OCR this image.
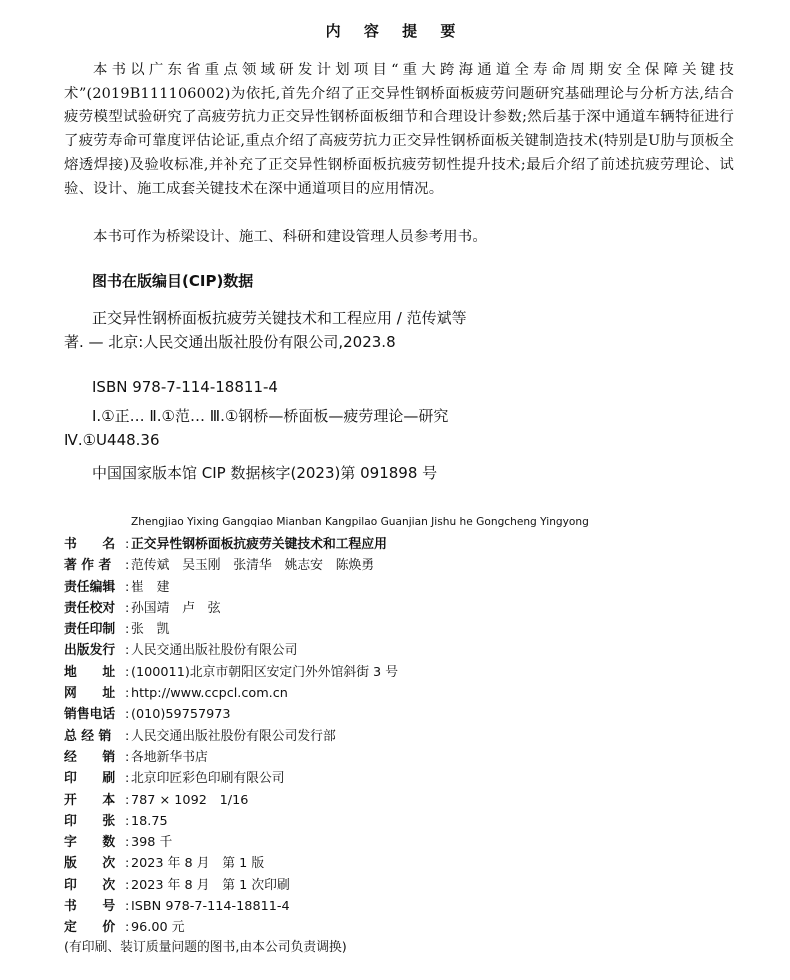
内 容 提 要
本书以广东省重点领域研发计划项目“重大跨海通道全寿命周期安全保障关键技术”(2019B111106002)为依托,首先介绍了正交异性钢桥面板疲劳问题研究基础理论与分析方法,结合疲劳模型试验研究了高疲劳抗力正交异性钢桥面板细节和合理设计参数;然后基于深中通道车辆特征进行了疲劳寿命可靠度评估论证,重点介绍了高疲劳抗力正交异性钢桥面板关键制造技术(特别是U肋与顶板全熔透焊接)及验收标准,并补充了正交异性钢桥面板抗疲劳韧性提升技术;最后介绍了前述抗疲劳理论、试验、设计、施工成套关键技术在深中通道项目的应用情况。
本书可作为桥梁设计、施工、科研和建设管理人员参考用书。
图书在版编目(CIP)数据
正交异性钢桥面板抗疲劳关键技术和工程应用 / 范传斌等著. — 北京:人民交通出版社股份有限公司,2023.8
ISBN 978-7-114-18811-4
Ⅰ.①正… Ⅱ.①范… Ⅲ.①钢桥—桥面板—疲劳理论—研究 Ⅳ.①U448.36
中国国家版本馆 CIP 数据核字(2023)第 091898 号
Zhengjiao Yixing Gangqiao Mianban Kangpilao Guanjian Jishu he Gongcheng Yingyong
书　　名 : 正交异性钢桥面板抗疲劳关键技术和工程应用
著 作 者 : 范传斌　吴玉刚　张清华　姚志安　陈焕勇
责任编辑 : 崔　建
责任校对 : 孙国靖　卢　弦
责任印制 : 张　凯
出版发行 : 人民交通出版社股份有限公司
地　　址 : (100011)北京市朝阳区安定门外外馆斜街 3 号
网　　址 : http://www.ccpcl.com.cn
销售电话 : (010)59757973
总 经 销 : 人民交通出版社股份有限公司发行部
经　　销 : 各地新华书店
印　　刷 : 北京印匠彩色印刷有限公司
开　　本 : 787 × 1092　1/16
印　　张 : 18.75
字　　数 : 398 千
版　　次 : 2023 年 8 月　第 1 版
印　　次 : 2023 年 8 月　第 1 次印刷
书　　号 : ISBN 978-7-114-18811-4
定　　价 : 96.00 元
(有印刷、装订质量问题的图书,由本公司负责调换)
